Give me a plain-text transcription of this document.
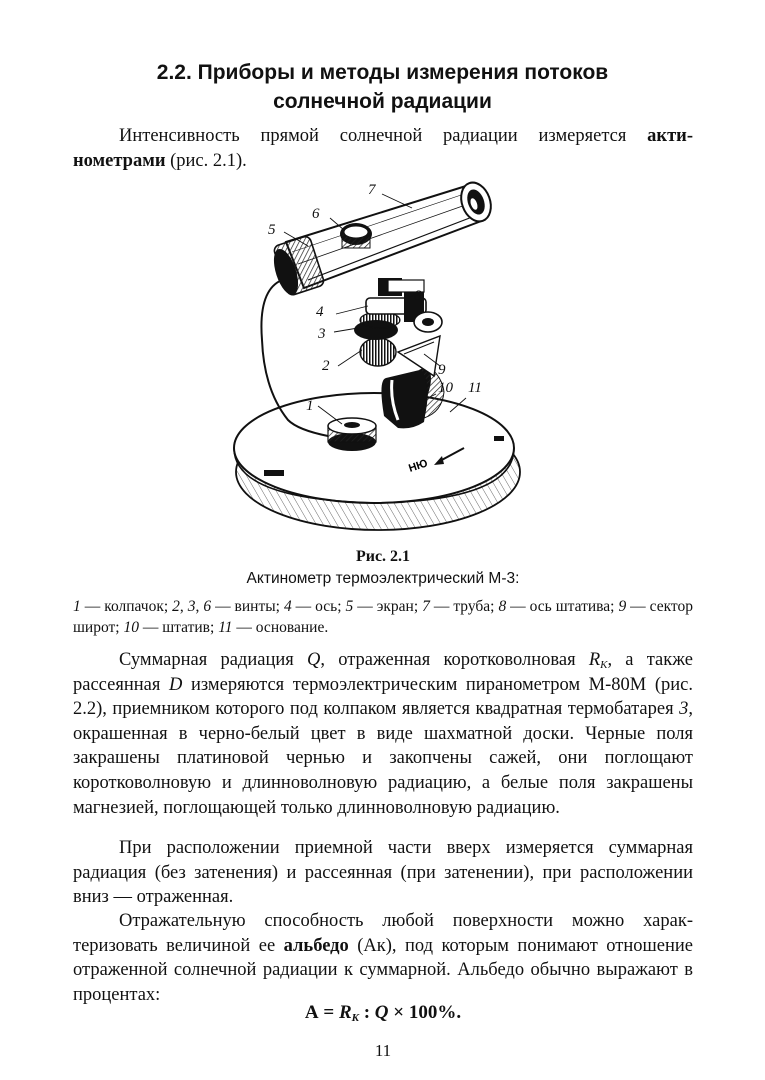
2.2. Приборы и методы измерения потоков
солнечной радиации

Интенсивность прямой солнечной радиации измеряется актинометрами (рис. 2.1).

НЮ
1
2
3
4
5
6
7
8
9
10 11

Рис. 2.1

Актинометр термоэлектрический М-3:

1 — колпачок; 2, 3, 6 — винты; 4 — ось; 5 — экран; 7 — труба; 8 — ось штатива; 9 — сектор широт; 10 — штатив; 11 — основание.

Суммарная радиация Q, отраженная коротковолновая $R_K$, а также рассеянная D измеряются термоэлектрическим пиранометром М-80М (рис. 2.2), приемником которого под колпаком является квадратная термобатарея 3, окрашенная в черно-белый цвет в виде шахматной доски. Черные поля закрашены платиновой чернью и закопчены сажей, они поглощают коротковолновую и длинноволновую радиацию, а белые поля закрашены магнезией, поглощающей только длинноволновую радиацию.

При расположении приемной части вверх измеряется суммарная радиация (без затенения) и рассеянная (при затенении), при расположении вниз — отраженная.

Отражательную способность любой поверхности можно характеризовать величиной ее альбедо (Ак), под которым понимают отношение отраженной солнечной радиации к суммарной. Альбедо обычно выражают в процентах:

$А = R_K$ : Q × 100%.

11
